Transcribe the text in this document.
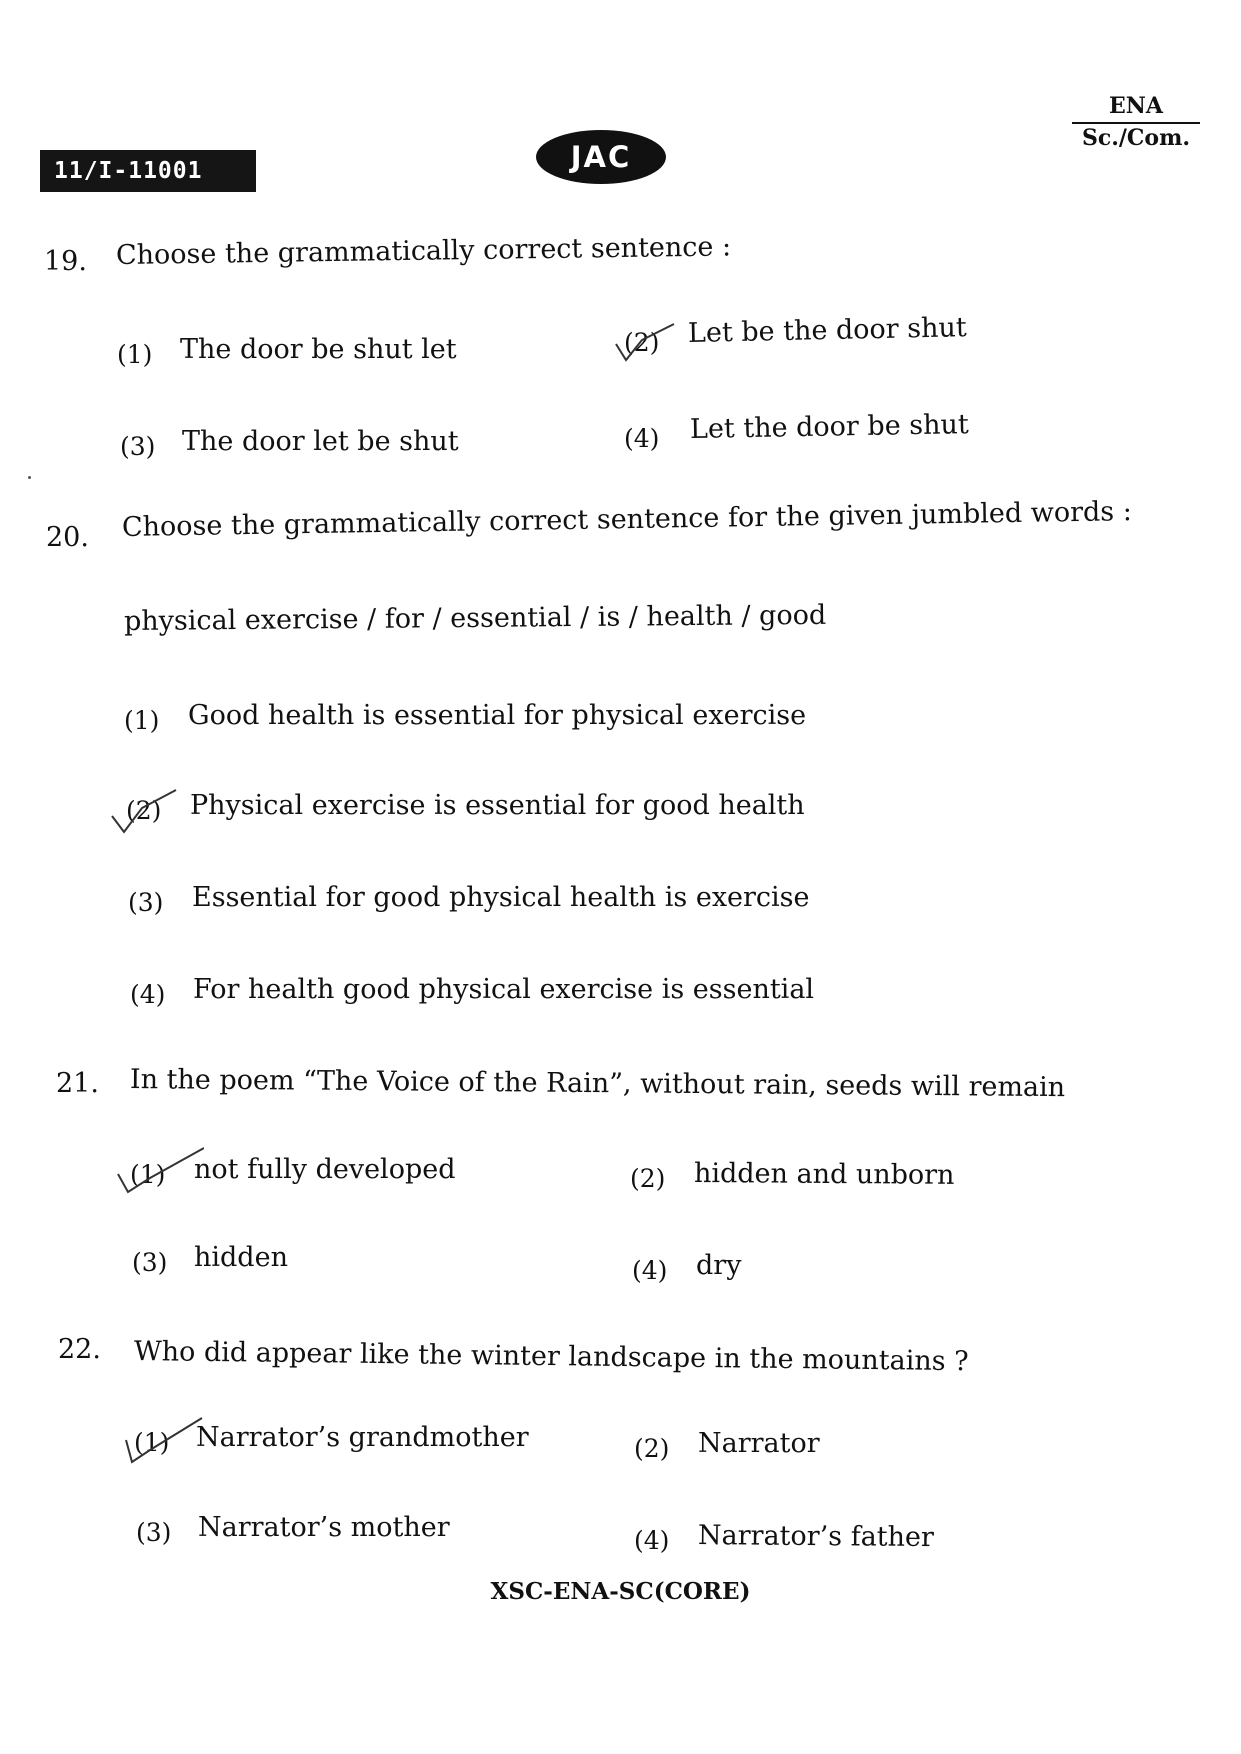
11/I-11001	JAC
ENA
Sc./Com.
19. Choose the grammatically correct sentence :
(1) The door be shut let	(2) Let be the door shut
(3) The door let be shut	(4) Let the door be shut
20. Choose the grammatically correct sentence for the given jumbled words :
physical exercise / for / essential / is / health / good
(1) Good health is essential for physical exercise
(2) Physical exercise is essential for good health
(3) Essential for good physical health is exercise
(4) For health good physical exercise is essential
21. In the poem “The Voice of the Rain”, without rain, seeds will remain
(1) not fully developed	(2) hidden and unborn
(3) hidden	(4) dry
22. Who did appear like the winter landscape in the mountains ?
(1) Narrator’s grandmother	(2) Narrator
(3) Narrator’s mother	(4) Narrator’s father
XSC-ENA-SC(CORE)
